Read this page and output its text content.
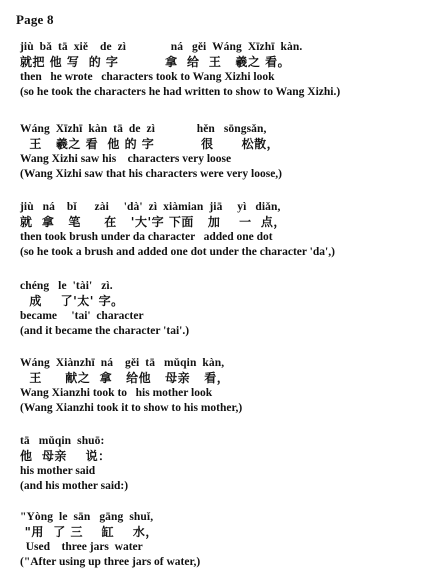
Page 8
jiù  bǎ  tā  xiě    de  zì               ná   gěi  Wáng  Xīzhī  kàn.
就把 他 写  的 字          拿  给  王   羲之 看。
then   he wrote   characters took to Wang Xizhi look
(so he took the characters he had written to show to Wang Xizhi.)
Wáng  Xīzhī  kàn  tā  de  zì              hěn   sōngsǎn,
王   羲之 看  他 的 字          很      松散，
Wang Xizhi saw his    characters very loose
(Wang Xizhi saw that his characters were very loose,)
jiù   ná    bǐ      zài     'dà'  zì  xiàmian  jiā     yì   diǎn,
就  拿   笔     在   '大'字 下面   加    一  点，
then took brush under da character   added one dot
(so he took a brush and added one dot under the character 'da',)
chéng   le  'tài'   zì.
成    了'太' 字。
became     'tai'  character
(and it became the character 'tai'.)
Wáng  Xiànzhī  ná    gěi  tā   mǔqin  kàn,
王     献之  拿   给他   母亲   看，
Wang Xianzhi took to   his mother look
(Wang Xianzhi took it to show to his mother,)
tā   mǔqin  shuō:
他  母亲    说：
his mother said
(and his mother said:)
"Yòng  le  sān   gāng  shuǐ,
"用  了 三    缸    水，
Used    three jars  water
("After using up three jars of water,)
